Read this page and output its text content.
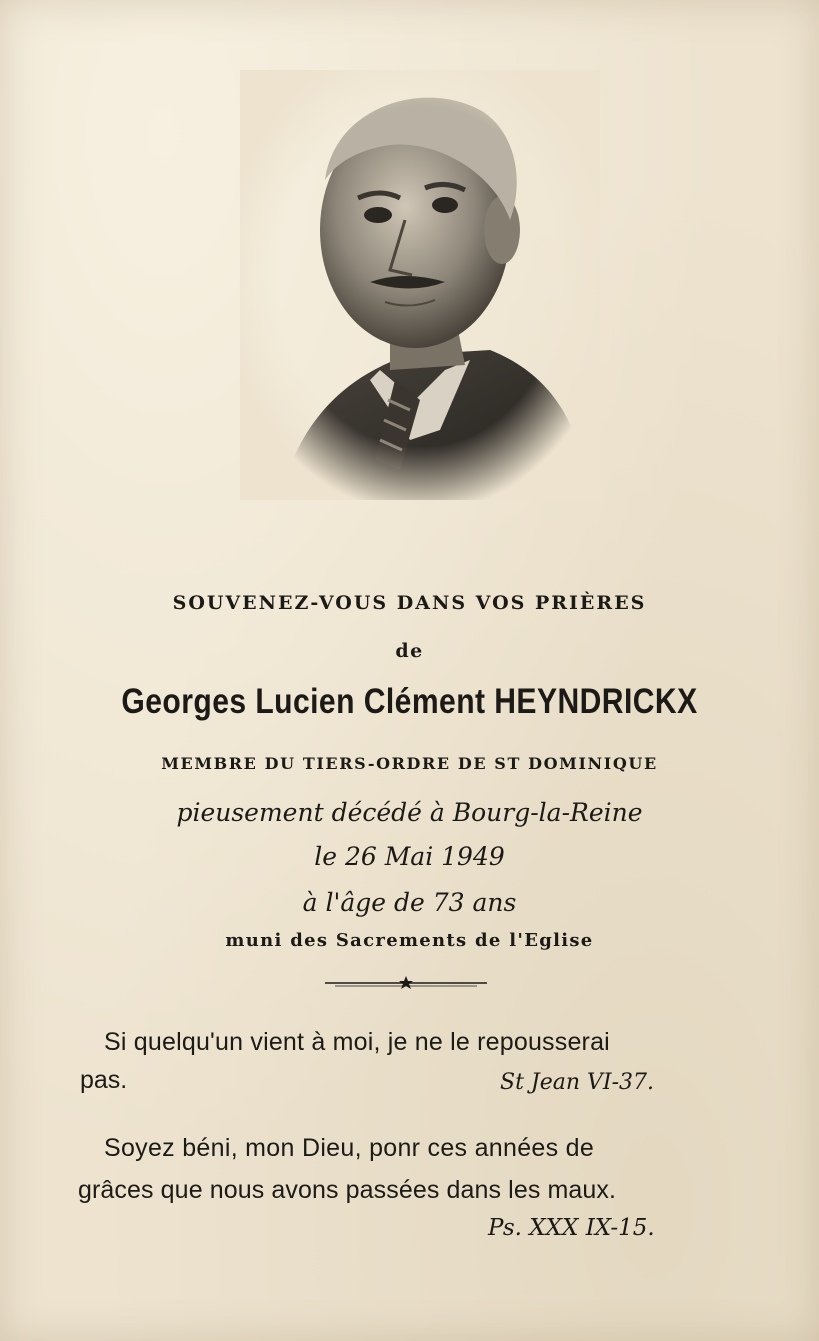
SOUVENEZ-VOUS DANS VOS PRIÈRES
de
Georges Lucien Clément HEYNDRICKX
MEMBRE DU TIERS-ORDRE DE ST DOMINIQUE
pieusement décédé à Bourg-la-Reine
le 26 Mai 1949
à l'âge de 73 ans
muni des Sacrements de l'Eglise
Si quelqu'un vient à moi, je ne le repousserai
pas.	St Jean VI-37.
Soyez béni, mon Dieu, ponr ces années de
grâces que nous avons passées dans les maux.
Ps. XXX IX-15.
